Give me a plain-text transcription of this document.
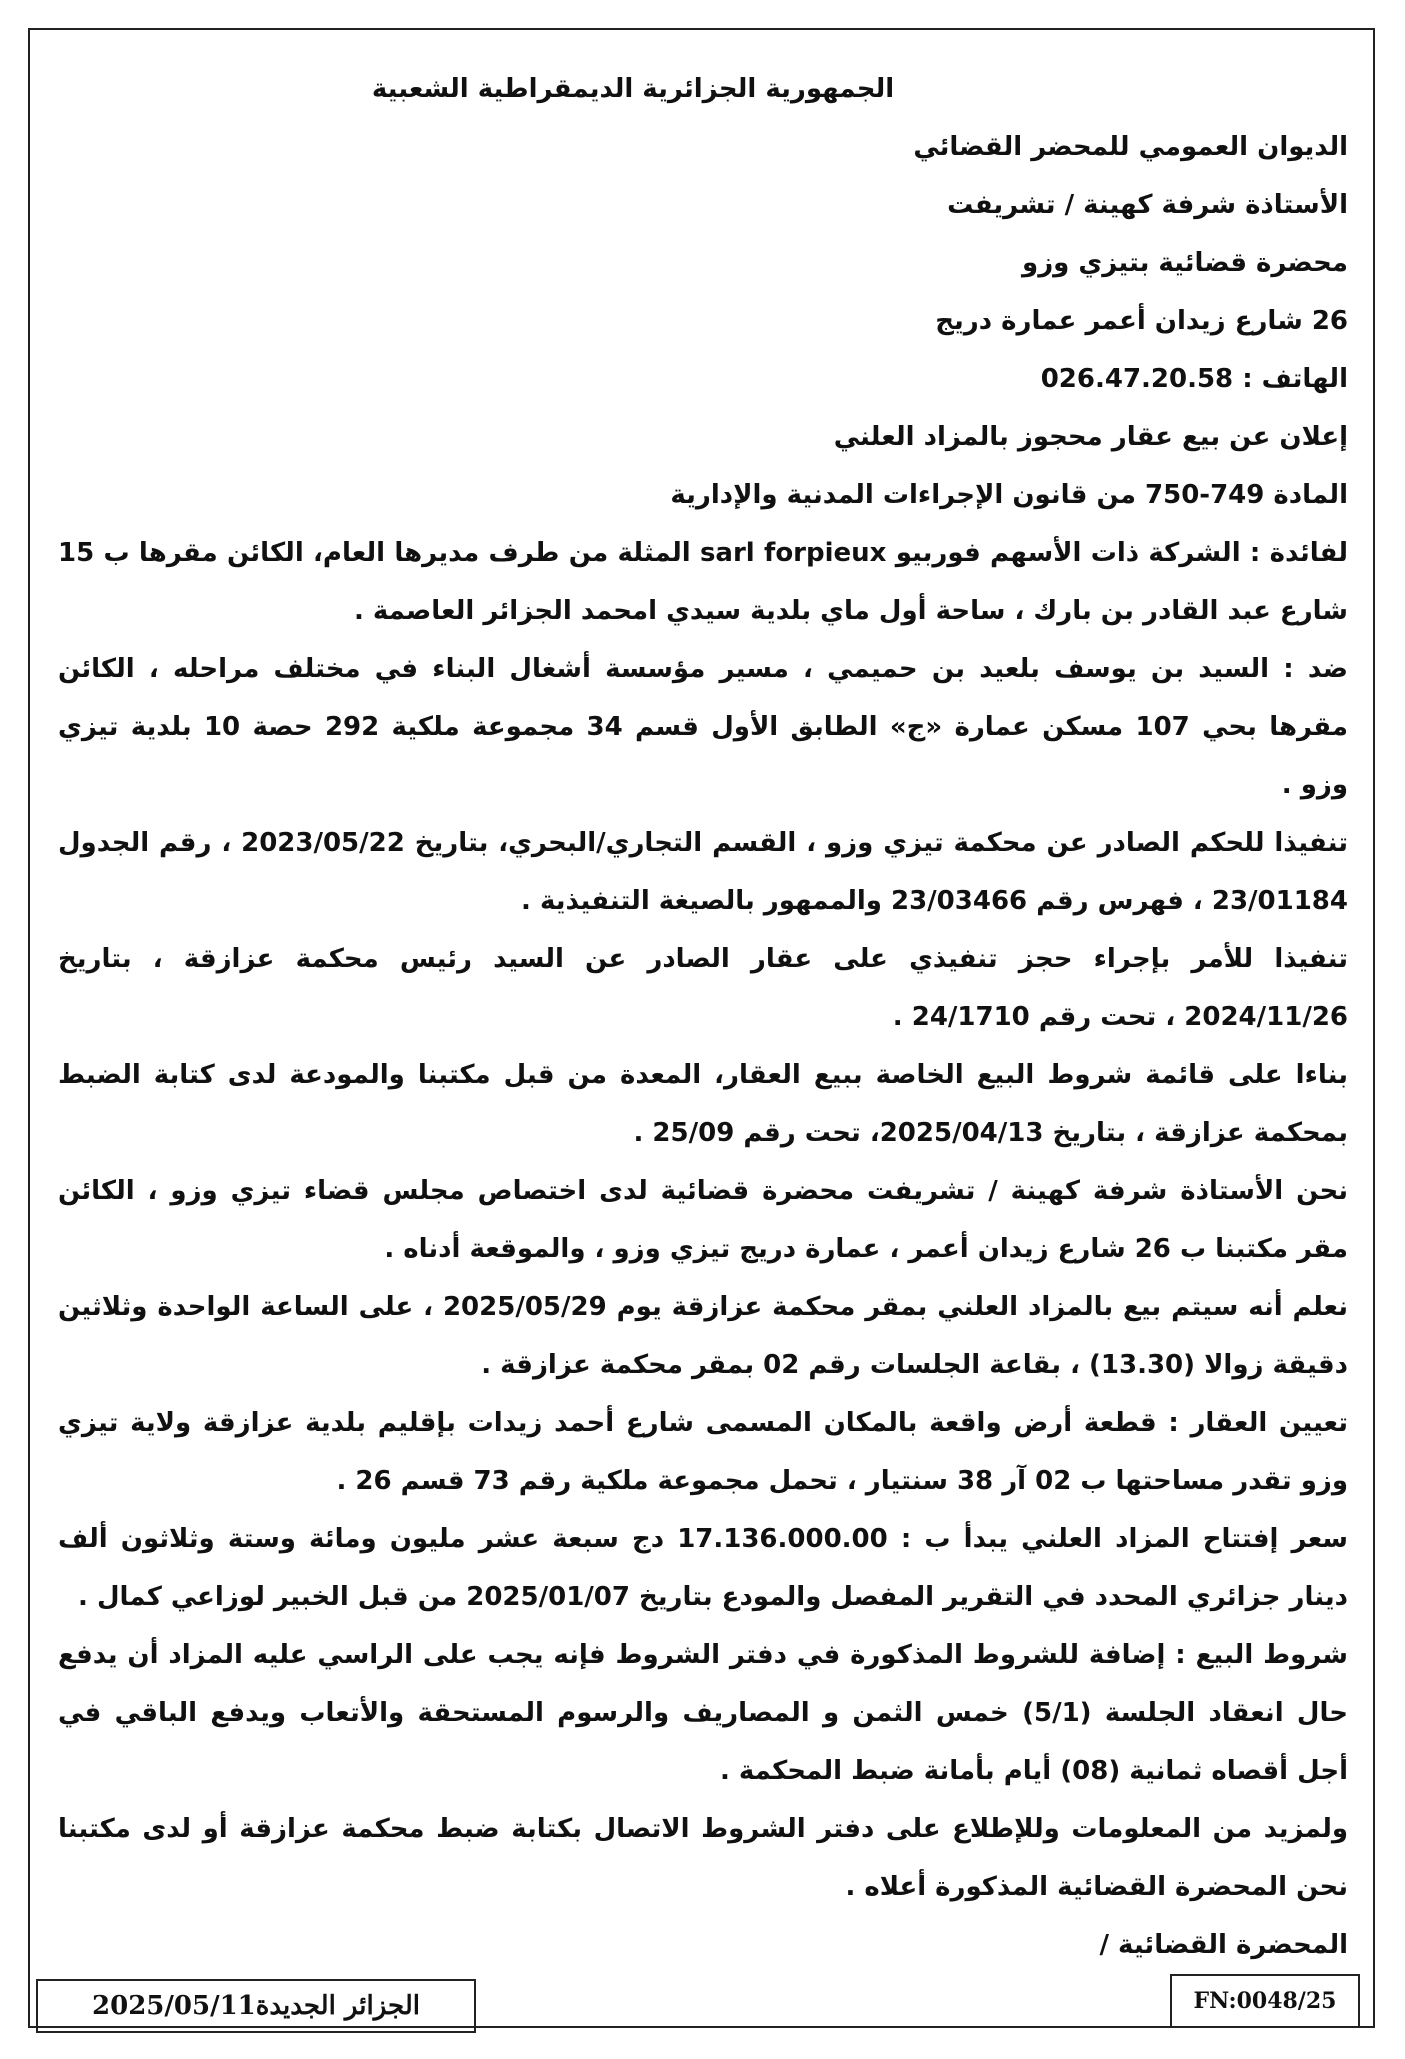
الجمهورية الجزائرية الديمقراطية الشعبية

الديوان العمومي للمحضر القضائي

الأستاذة شرفة كهينة / تشريفت

محضرة قضائية بتيزي وزو

26 شارع زيدان أعمر عمارة دريج

الهاتف : 026.47.20.58

إعلان عن بيع عقار محجوز بالمزاد العلني

المادة 749-750 من قانون الإجراءات المدنية والإدارية

لفائدة : الشركة ذات الأسهم فوربيو sarl forpieux المثلة من طرف مديرها العام، الكائن مقرها ب 15 شارع عبد القادر بن بارك ، ساحة أول ماي بلدية سيدي امحمد الجزائر العاصمة .

ضد : السيد بن يوسف بلعيد بن حميمي ، مسير مؤسسة أشغال البناء في مختلف مراحله ، الكائن مقرها بحي 107 مسكن عمارة «ج» الطابق الأول قسم 34 مجموعة ملكية 292 حصة 10 بلدية تيزي وزو .

تنفيذا للحكم الصادر عن محكمة تيزي وزو ، القسم التجاري/البحري، بتاريخ 2023/05/22 ، رقم الجدول 23/01184 ، فهرس رقم 23/03466 والممهور بالصيغة التنفيذية .

تنفيذا للأمر بإجراء حجز تنفيذي على عقار الصادر عن السيد رئيس محكمة عزازقة ، بتاريخ 2024/11/26 ، تحت رقم 24/1710 .

بناءا على قائمة شروط البيع الخاصة ببيع العقار، المعدة من قبل مكتبنا والمودعة لدى كتابة الضبط بمحكمة عزازقة ، بتاريخ 2025/04/13، تحت رقم 25/09 .

نحن الأستاذة شرفة كهينة / تشريفت محضرة قضائية لدى اختصاص مجلس قضاء تيزي وزو ، الكائن مقر مكتبنا ب 26 شارع زيدان أعمر ، عمارة دريج تيزي وزو ، والموقعة أدناه .

نعلم أنه سيتم بيع بالمزاد العلني بمقر محكمة عزازقة يوم 2025/05/29 ، على الساعة الواحدة وثلاثين دقيقة زوالا (13.30) ، بقاعة الجلسات رقم 02 بمقر محكمة عزازقة .

تعيين العقار : قطعة أرض واقعة بالمكان المسمى شارع أحمد زيدات بإقليم بلدية عزازقة ولاية تيزي وزو تقدر مساحتها ب 02 آر 38 سنتيار ، تحمل مجموعة ملكية رقم 73 قسم 26 .

سعر إفتتاح المزاد العلني يبدأ ب : 17.136.000.00 دج سبعة عشر مليون ومائة وستة وثلاثون ألف دينار جزائري المحدد في التقرير المفصل والمودع بتاريخ 2025/01/07 من قبل الخبير لوزاعي كمال .

شروط البيع : إضافة للشروط المذكورة في دفتر الشروط فإنه يجب على الراسي عليه المزاد أن يدفع حال انعقاد الجلسة (5/1) خمس الثمن و المصاريف والرسوم المستحقة والأتعاب ويدفع الباقي في أجل أقصاه ثمانية (08) أيام بأمانة ضبط المحكمة .

ولمزيد من المعلومات وللإطلاع على دفتر الشروط الاتصال بكتابة ضبط محكمة عزازقة أو لدى مكتبنا نحن المحضرة القضائية المذكورة أعلاه .

المحضرة القضائية /

الجزائر الجديدة2025/05/11	FN:0048/25
